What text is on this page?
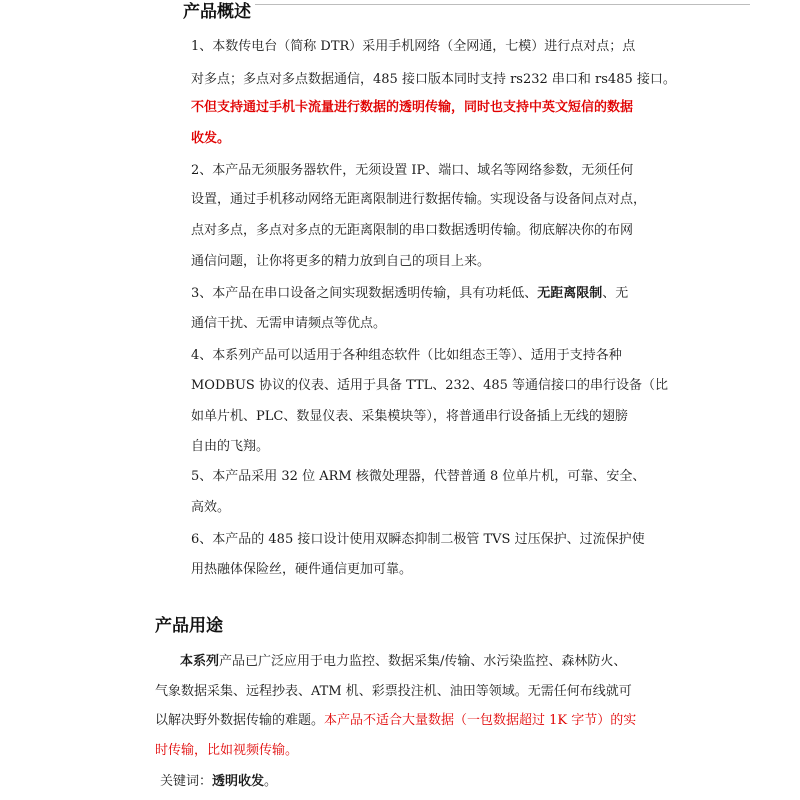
产品概述

1、本数传电台（简称 DTR）采用手机网络（全网通，七模）进行点对点；点

对多点；多点对多点数据通信，485 接口版本同时支持 rs232 串口和 rs485 接口。

不但支持通过手机卡流量进行数据的透明传输，同时也支持中英文短信的数据

收发。

2、本产品无须服务器软件，无须设置 IP、端口、域名等网络参数，无须任何

设置，通过手机移动网络无距离限制进行数据传输。实现设备与设备间点对点，

点对多点，多点对多点的无距离限制的串口数据透明传输。彻底解决你的布网

通信问题，让你将更多的精力放到自己的项目上来。

3、本产品在串口设备之间实现数据透明传输，具有功耗低、无距离限制、无

通信干扰、无需申请频点等优点。

4、本系列产品可以适用于各种组态软件（比如组态王等）、适用于支持各种

MODBUS 协议的仪表、适用于具备 TTL、232、485 等通信接口的串行设备（比

如单片机、PLC、数显仪表、采集模块等），将普通串行设备插上无线的翅膀

自由的飞翔。

5、本产品采用 32 位 ARM 核微处理器，代替普通 8 位单片机，可靠、安全、

高效。

6、本产品的 485 接口设计使用双瞬态抑制二极管 TVS 过压保护、过流保护使

用热融体保险丝，硬件通信更加可靠。

产品用途

本系列产品已广泛应用于电力监控、数据采集/传输、水污染监控、森林防火、

气象数据采集、远程抄表、ATM 机、彩票投注机、油田等领域。无需任何布线就可

以解决野外数据传输的难题。本产品不适合大量数据（一包数据超过 1K 字节）的实

时传输，比如视频传输。

关键词：透明收发。
